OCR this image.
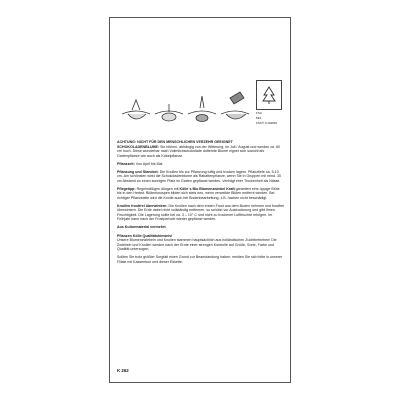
FSC
MIX
FSC® C104891

ACHTUNG: NICHT FÜR DEN MENSCHLICHEN VERZEHR GEEIGNET
SCHOKOLADENBLUME: Sie blühen, abhängig von der Witterung, im Juli / August und werden ca. 60 cm hoch. Diese wunderbar nach Vollmilchschokolade duftende Blume eignet sich sowohl als Gartenpflanze wie auch als Kübelpflanze.

Pflanzzeit: Von April bis Mai.

Pflanzung und Standort: Die Knollen bis zur Pflanzung luftig und trocken lagern. Pflanztiefe ca. 5-10 cm. Am schönsten wirkt die Schokoladenblume als Rabattenpflanze, wenn Sie in Gruppen mit mind. 30 cm Abstand an einen sonnigen Platz im Garten gepflanzt werden. Verträgt eher Trockenheit als Nässe.

Pflegetipp: Regelmäßiges düngen mit Kölle´s Bio Blumenzwiebel Kraft garantiert eine üppige Blüte bis in den Herbst. Blütenknospen bilden sich stets neu, wenn verwelkte Blüten entfernt werden. Bei richtiger Pflanzstelle wird die Knolle auch bei Bodenbearbeitung, z.B. hacken nicht beschädigt.

Knollen frostfrei überwintern: Die Knollen nach dem ersten Frost aus dem Boden nehmen und frostfrei überwintern. Die Erde dabei nicht vollständig entfernen, so schützt vor Austrocknung und gibt ihnen Feuchtigkeit. Die Lagerung sollte bei ca. 3 – 10° C und nicht zu trockener Luftfeuchte erfolgen. Im Frühjahr kann nach der Frostperiode wieder gepflanzt werden.

Aus Kulturmaterial vermehrt.

Pflanzen Kölle Qualitätshinweis!
Unsere Blumenzwiebeln und Knollen stammen hauptsächlich aus holländischen Zuchtbetrieben! Die Zwiebeln und Knollen werden nach der Ernte einer strengen Kontrolle auf Größe, Sorte, Farbe und Qualität unterzogen.

Sollten Sie trotz größter Sorgfalt einen Grund zur Beanstandung haben, melden Sie sich bitte in unserer Filiale mit Kassenbon und dieser Etikette.

K 262
